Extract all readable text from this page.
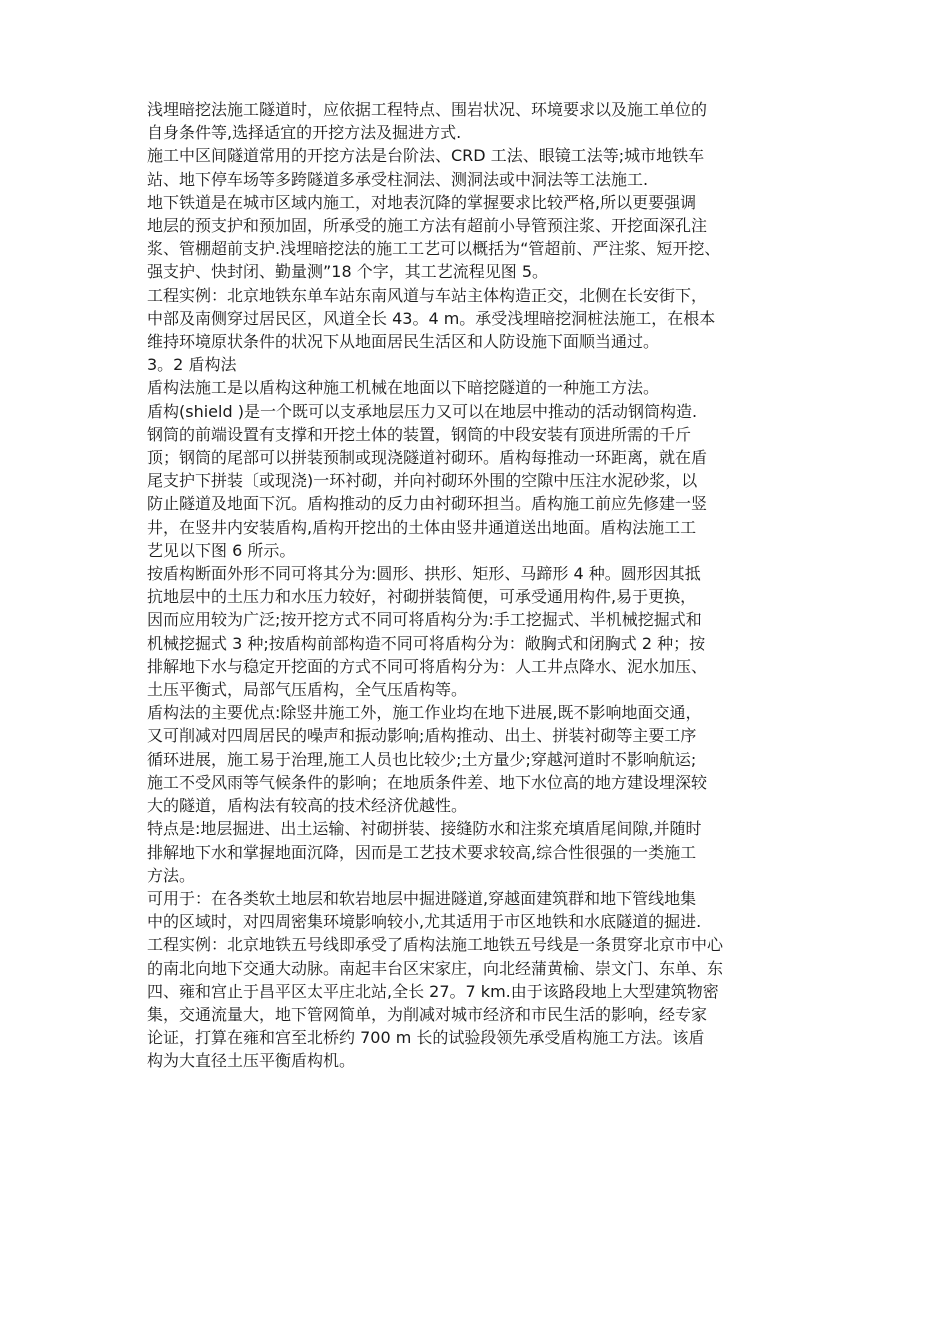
浅埋暗挖法施工隧道时，应依据工程特点、围岩状况、环境要求以及施工单位的
自身条件等,选择适宜的开挖方法及掘进方式.
施工中区间隧道常用的开挖方法是台阶法、CRD 工法、眼镜工法等;城市地铁车
站、地下停车场等多跨隧道多承受柱洞法、测洞法或中洞法等工法施工.
地下铁道是在城市区域内施工，对地表沉降的掌握要求比较严格,所以更要强调
地层的预支护和预加固，所承受的施工方法有超前小导管预注浆、开挖面深孔注
浆、管棚超前支护.浅埋暗挖法的施工工艺可以概括为“管超前、严注浆、短开挖、
强支护、快封闭、勤量测”18 个字，其工艺流程见图 5。
工程实例：北京地铁东单车站东南风道与车站主体构造正交，北侧在长安街下，
中部及南侧穿过居民区，风道全长 43。4 m。承受浅埋暗挖洞桩法施工，在根本
维持环境原状条件的状况下从地面居民生活区和人防设施下面顺当通过。
3。2 盾构法
盾构法施工是以盾构这种施工机械在地面以下暗挖隧道的一种施工方法。
盾构(shield )是一个既可以支承地层压力又可以在地层中推动的活动钢筒构造.
钢筒的前端设置有支撑和开挖土体的装置，钢筒的中段安装有顶进所需的千斤
顶；钢筒的尾部可以拼装预制或现浇隧道衬砌环。盾构每推动一环距离，就在盾
尾支护下拼装〔或现浇)一环衬砌，并向衬砌环外围的空隙中压注水泥砂浆，以
防止隧道及地面下沉。盾构推动的反力由衬砌环担当。盾构施工前应先修建一竖
井，在竖井内安装盾构,盾构开挖出的土体由竖井通道送出地面。盾构法施工工
艺见以下图 6 所示。
按盾构断面外形不同可将其分为:圆形、拱形、矩形、马蹄形 4 种。圆形因其抵
抗地层中的土压力和水压力较好，衬砌拼装简便，可承受通用构件,易于更换，
因而应用较为广泛;按开挖方式不同可将盾构分为:手工挖掘式、半机械挖掘式和
机械挖掘式 3 种;按盾构前部构造不同可将盾构分为：敞胸式和闭胸式 2 种；按
排解地下水与稳定开挖面的方式不同可将盾构分为：人工井点降水、泥水加压、
土压平衡式，局部气压盾构，全气压盾构等。
盾构法的主要优点:除竖井施工外，施工作业均在地下进展,既不影响地面交通，
又可削减对四周居民的噪声和振动影响;盾构推动、出土、拼装衬砌等主要工序
循环进展，施工易于治理,施工人员也比较少;土方量少;穿越河道时不影响航运;
施工不受风雨等气候条件的影响；在地质条件差、地下水位高的地方建设埋深较
大的隧道，盾构法有较高的技术经济优越性。
特点是:地层掘进、出土运输、衬砌拼装、接缝防水和注浆充填盾尾间隙,并随时
排解地下水和掌握地面沉降，因而是工艺技术要求较高,综合性很强的一类施工
方法。
可用于：在各类软土地层和软岩地层中掘进隧道,穿越面建筑群和地下管线地集
中的区域时，对四周密集环境影响较小,尤其适用于市区地铁和水底隧道的掘进.
工程实例：北京地铁五号线即承受了盾构法施工地铁五号线是一条贯穿北京市中心
的南北向地下交通大动脉。南起丰台区宋家庄，向北经蒲黄榆、崇文门、东单、东
四、雍和宫止于昌平区太平庄北站,全长 27。7 km.由于该路段地上大型建筑物密
集，交通流量大，地下管网简单，为削减对城市经济和市民生活的影响，经专家
论证，打算在雍和宫至北桥约 700 m 长的试验段领先承受盾构施工方法。该盾
构为大直径土压平衡盾构机。
